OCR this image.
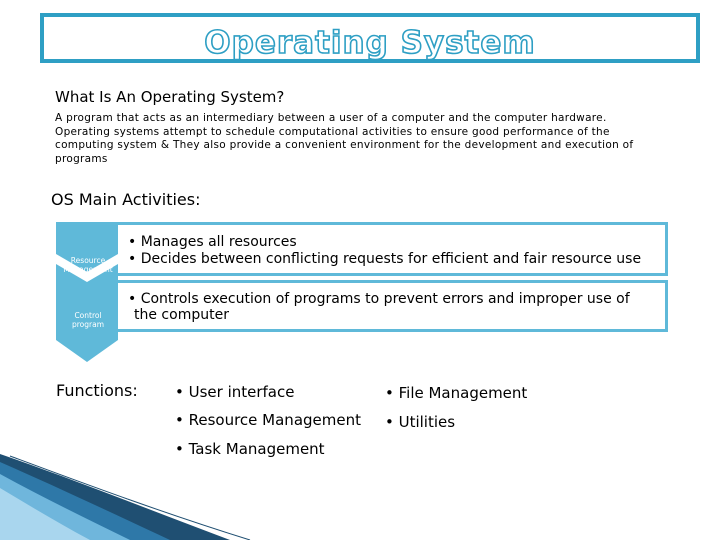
Operating System
What Is An Operating System?
A program that acts as an intermediary between a user of a computer and the computer hardware. Operating systems attempt to schedule computational activities to ensure good performance of the computing system & They also provide a convenient environment for the development and execution of programs
OS Main Activities:
Resource Management
Control program
• Manages all resources
• Decides between conflicting requests for efficient and fair resource use
• Controls execution of programs to prevent errors and improper use of
the computer
Functions: • User interface	• File Management
• Resource Management • Utilities
• Task Management
